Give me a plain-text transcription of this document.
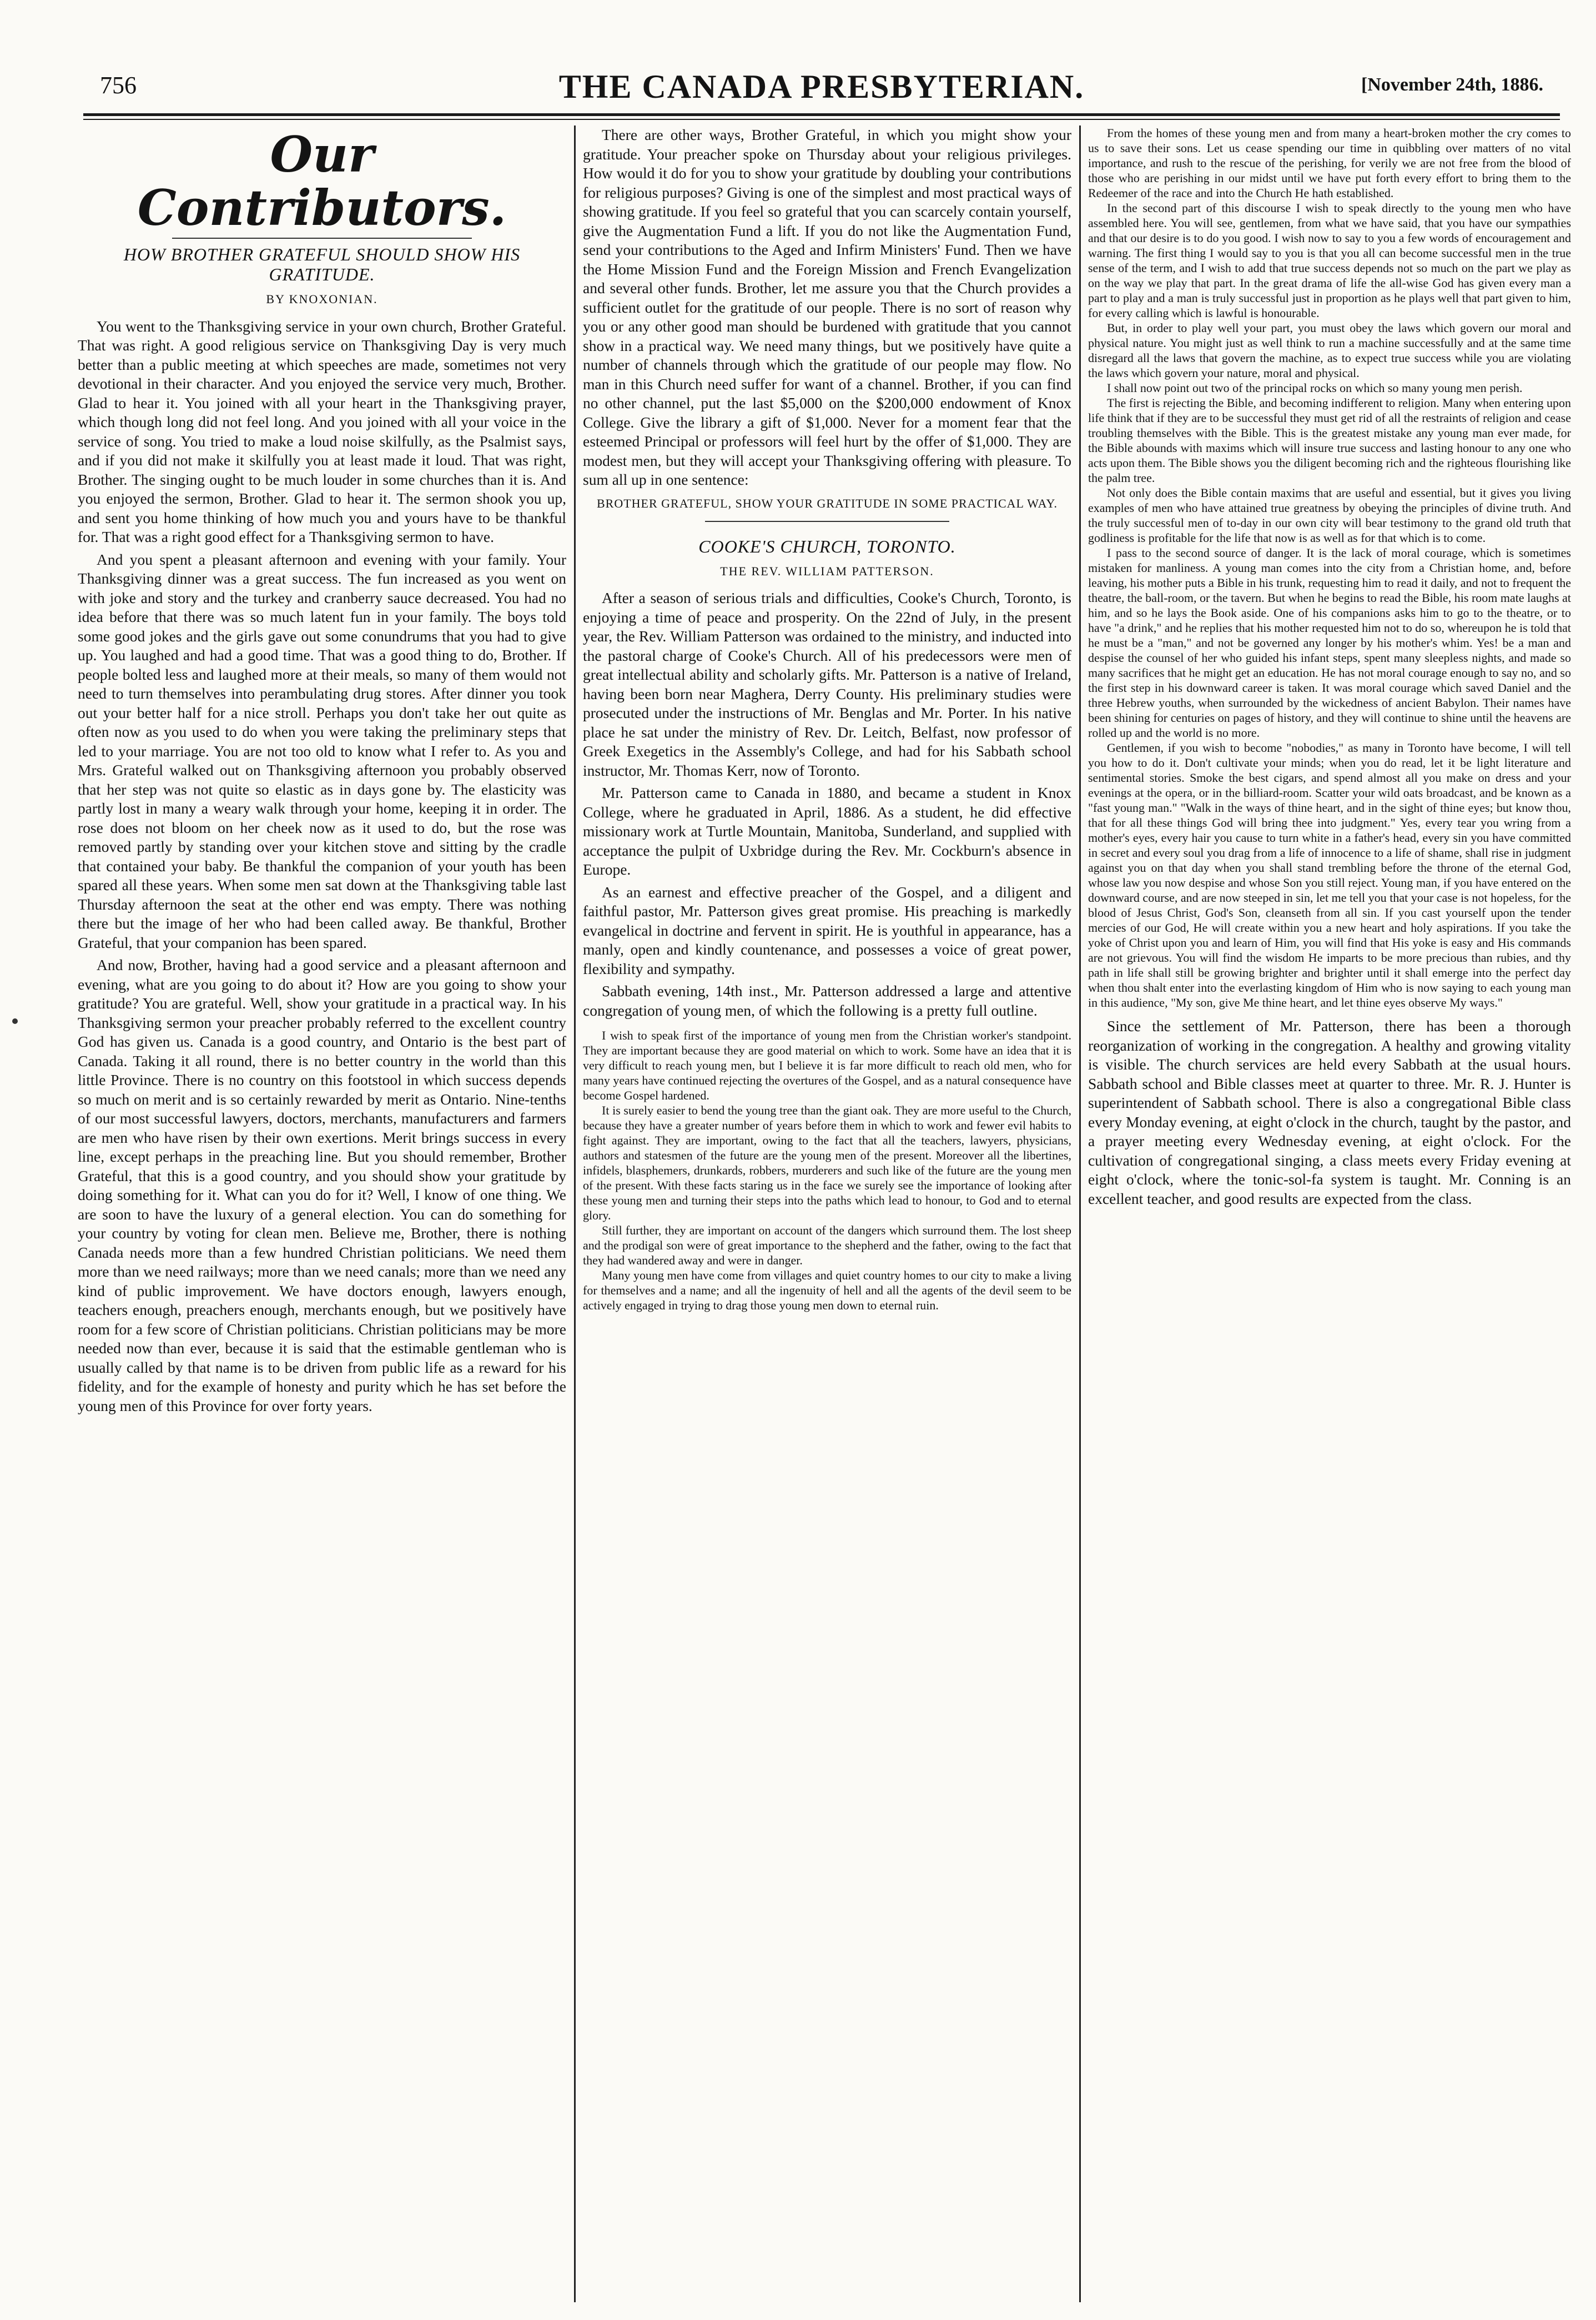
756	THE CANADA PRESBYTERIAN.	[November 24th, 1886.
Our Contributors.
HOW BROTHER GRATEFUL SHOULD SHOW HIS GRATITUDE.
BY KNOXONIAN.

You went to the Thanksgiving service in your own church, Brother Grateful. That was right. A good religious service on Thanksgiving Day is very much better than a public meeting at which speeches are made, sometimes not very devotional in their character. And you enjoyed the service very much, Brother. Glad to hear it. You joined with all your heart in the Thanksgiving prayer, which though long did not feel long. And you joined with all your voice in the service of song. You tried to make a loud noise skilfully, as the Psalmist says, and if you did not make it skilfully you at least made it loud. That was right, Brother. The singing ought to be much louder in some churches than it is. And you enjoyed the sermon, Brother. Glad to hear it. The sermon shook you up, and sent you home thinking of how much you and yours have to be thankful for. That was a right good effect for a Thanksgiving sermon to have.

And you spent a pleasant afternoon and evening with your family. Your Thanksgiving dinner was a great success. The fun increased as you went on with joke and story and the turkey and cranberry sauce decreased. You had no idea before that there was so much latent fun in your family. The boys told some good jokes and the girls gave out some conundrums that you had to give up. You laughed and had a good time. That was a good thing to do, Brother. If people bolted less and laughed more at their meals, so many of them would not need to turn themselves into perambulating drug stores. After dinner you took out your better half for a nice stroll. Perhaps you don't take her out quite as often now as you used to do when you were taking the preliminary steps that led to your marriage. You are not too old to know what I refer to. As you and Mrs. Grateful walked out on Thanksgiving afternoon you probably observed that her step was not quite so elastic as in days gone by. The elasticity was partly lost in many a weary walk through your home, keeping it in order. The rose does not bloom on her cheek now as it used to do, but the rose was removed partly by standing over your kitchen stove and sitting by the cradle that contained your baby. Be thankful the companion of your youth has been spared all these years. When some men sat down at the Thanksgiving table last Thursday afternoon the seat at the other end was empty. There was nothing there but the image of her who had been called away. Be thankful, Brother Grateful, that your companion has been spared.

And now, Brother, having had a good service and a pleasant afternoon and evening, what are you going to do about it? How are you going to show your gratitude? You are grateful. Well, show your gratitude in a practical way. In his Thanksgiving sermon your preacher probably referred to the excellent country God has given us. Canada is a good country, and Ontario is the best part of Canada. Taking it all round, there is no better country in the world than this little Province. There is no country on this footstool in which success depends so much on merit and is so certainly rewarded by merit as Ontario. Nine-tenths of our most successful lawyers, doctors, merchants, manufacturers and farmers are men who have risen by their own exertions. Merit brings success in every line, except perhaps in the preaching line. But you should remember, Brother Grateful, that this is a good country, and you should show your gratitude by doing something for it. What can you do for it? Well, I know of one thing. We are soon to have the luxury of a general election. You can do something for your country by voting for clean men. Believe me, Brother, there is nothing Canada needs more than a few hundred Christian politicians. We need them more than we need railways; more than we need canals; more than we need any kind of public improvement. We have doctors enough, lawyers enough, teachers enough, preachers enough, merchants enough, but we positively have room for a few score of Christian politicians. Christian politicians may be more needed now than ever, because it is said that the estimable gentleman who is usually called by that name is to be driven from public life as a reward for his fidelity, and for the example of honesty and purity which he has set before the young men of this Province for over forty years.

There are other ways, Brother Grateful, in which you might show your gratitude. Your preacher spoke on Thursday about your religious privileges. How would it do for you to show your gratitude by doubling your contributions for religious purposes? Giving is one of the simplest and most practical ways of showing gratitude. If you feel so grateful that you can scarcely contain yourself, give the Augmentation Fund a lift. If you do not like the Augmentation Fund, send your contributions to the Aged and Infirm Ministers' Fund. Then we have the Home Mission Fund and the Foreign Mission and French Evangelization and several other funds. Brother, let me assure you that the Church provides a sufficient outlet for the gratitude of our people. There is no sort of reason why you or any other good man should be burdened with gratitude that you cannot show in a practical way. We need many things, but we positively have quite a number of channels through which the gratitude of our people may flow. No man in this Church need suffer for want of a channel. Brother, if you can find no other channel, put the last $5,000 on the $200,000 endowment of Knox College. Give the library a gift of $1,000. Never for a moment fear that the esteemed Principal or professors will feel hurt by the offer of $1,000. They are modest men, but they will accept your Thanksgiving offering with pleasure. To sum all up in one sentence:

BROTHER GRATEFUL, SHOW YOUR GRATITUDE IN SOME PRACTICAL WAY.
COOKE'S CHURCH, TORONTO.
THE REV. WILLIAM PATTERSON.

After a season of serious trials and difficulties, Cooke's Church, Toronto, is enjoying a time of peace and prosperity. On the 22nd of July, in the present year, the Rev. William Patterson was ordained to the ministry, and inducted into the pastoral charge of Cooke's Church. All of his predecessors were men of great intellectual ability and scholarly gifts. Mr. Patterson is a native of Ireland, having been born near Maghera, Derry County. His preliminary studies were prosecuted under the instructions of Mr. Benglas and Mr. Porter. In his native place he sat under the ministry of Rev. Dr. Leitch, Belfast, now professor of Greek Exegetics in the Assembly's College, and had for his Sabbath school instructor, Mr. Thomas Kerr, now of Toronto.

Mr. Patterson came to Canada in 1880, and became a student in Knox College, where he graduated in April, 1886. As a student, he did effective missionary work at Turtle Mountain, Manitoba, Sunderland, and supplied with acceptance the pulpit of Uxbridge during the Rev. Mr. Cockburn's absence in Europe.

As an earnest and effective preacher of the Gospel, and a diligent and faithful pastor, Mr. Patterson gives great promise. His preaching is markedly evangelical in doctrine and fervent in spirit. He is youthful in appearance, has a manly, open and kindly countenance, and possesses a voice of great power, flexibility and sympathy.

Sabbath evening, 14th inst., Mr. Patterson addressed a large and attentive congregation of young men, of which the following is a pretty full outline.

I wish to speak first of the importance of young men from the Christian worker's standpoint. They are important because they are good material on which to work. Some have an idea that it is very difficult to reach young men, but I believe it is far more difficult to reach old men, who for many years have continued rejecting the overtures of the Gospel, and as a natural consequence have become Gospel hardened.

It is surely easier to bend the young tree than the giant oak. They are more useful to the Church, because they have a greater number of years before them in which to work and fewer evil habits to fight against. They are important, owing to the fact that all the teachers, lawyers, physicians, authors and statesmen of the future are the young men of the present. Moreover all the libertines, infidels, blasphemers, drunkards, robbers, murderers and such like of the future are the young men of the present. With these facts staring us in the face we surely see the importance of looking after these young men and turning their steps into the paths which lead to honour, to God and to eternal glory.

Still further, they are important on account of the dangers which surround them. The lost sheep and the prodigal son were of great importance to the shepherd and the father, owing to the fact that they had wandered away and were in danger.

Many young men have come from villages and quiet country homes to our city to make a living for themselves and a name; and all the ingenuity of hell and all the agents of the devil seem to be actively engaged in trying to drag those young men down to eternal ruin.

From the homes of these young men and from many a heart-broken mother the cry comes to us to save their sons. Let us cease spending our time in quibbling over matters of no vital importance, and rush to the rescue of the perishing, for verily we are not free from the blood of those who are perishing in our midst until we have put forth every effort to bring them to the Redeemer of the race and into the Church He hath established.

In the second part of this discourse I wish to speak directly to the young men who have assembled here. You will see, gentlemen, from what we have said, that you have our sympathies and that our desire is to do you good. I wish now to say to you a few words of encouragement and warning. The first thing I would say to you is that you all can become successful men in the true sense of the term, and I wish to add that true success depends not so much on the part we play as on the way we play that part. In the great drama of life the all-wise God has given every man a part to play and a man is truly successful just in proportion as he plays well that part given to him, for every calling which is lawful is honourable.

But, in order to play well your part, you must obey the laws which govern our moral and physical nature. You might just as well think to run a machine successfully and at the same time disregard all the laws that govern the machine, as to expect true success while you are violating the laws which govern your nature, moral and physical.

I shall now point out two of the principal rocks on which so many young men perish.

The first is rejecting the Bible, and becoming indifferent to religion. Many when entering upon life think that if they are to be successful they must get rid of all the restraints of religion and cease troubling themselves with the Bible. This is the greatest mistake any young man ever made, for the Bible abounds with maxims which will insure true success and lasting honour to any one who acts upon them. The Bible shows you the diligent becoming rich and the righteous flourishing like the palm tree.

Not only does the Bible contain maxims that are useful and essential, but it gives you living examples of men who have attained true greatness by obeying the principles of divine truth. And the truly successful men of to-day in our own city will bear testimony to the grand old truth that godliness is profitable for the life that now is as well as for that which is to come.

I pass to the second source of danger. It is the lack of moral courage, which is sometimes mistaken for manliness. A young man comes into the city from a Christian home, and, before leaving, his mother puts a Bible in his trunk, requesting him to read it daily, and not to frequent the theatre, the ball-room, or the tavern. But when he begins to read the Bible, his room mate laughs at him, and so he lays the Book aside. One of his companions asks him to go to the theatre, or to have "a drink," and he replies that his mother requested him not to do so, whereupon he is told that he must be a "man," and not be governed any longer by his mother's whim. Yes! be a man and despise the counsel of her who guided his infant steps, spent many sleepless nights, and made so many sacrifices that he might get an education. He has not moral courage enough to say no, and so the first step in his downward career is taken. It was moral courage which saved Daniel and the three Hebrew youths, when surrounded by the wickedness of ancient Babylon. Their names have been shining for centuries on pages of history, and they will continue to shine until the heavens are rolled up and the world is no more.

Gentlemen, if you wish to become "nobodies," as many in Toronto have become, I will tell you how to do it. Don't cultivate your minds; when you do read, let it be light literature and sentimental stories. Smoke the best cigars, and spend almost all you make on dress and your evenings at the opera, or in the billiard-room. Scatter your wild oats broadcast, and be known as a "fast young man." "Walk in the ways of thine heart, and in the sight of thine eyes; but know thou, that for all these things God will bring thee into judgment." Yes, every tear you wring from a mother's eyes, every hair you cause to turn white in a father's head, every sin you have committed in secret and every soul you drag from a life of innocence to a life of shame, shall rise in judgment against you on that day when you shall stand trembling before the throne of the eternal God, whose law you now despise and whose Son you still reject. Young man, if you have entered on the downward course, and are now steeped in sin, let me tell you that your case is not hopeless, for the blood of Jesus Christ, God's Son, cleanseth from all sin. If you cast yourself upon the tender mercies of our God, He will create within you a new heart and holy aspirations. If you take the yoke of Christ upon you and learn of Him, you will find that His yoke is easy and His commands are not grievous. You will find the wisdom He imparts to be more precious than rubies, and thy path in life shall still be growing brighter and brighter until it shall emerge into the perfect day when thou shalt enter into the everlasting kingdom of Him who is now saying to each young man in this audience, "My son, give Me thine heart, and let thine eyes observe My ways."

Since the settlement of Mr. Patterson, there has been a thorough reorganization of working in the congregation. A healthy and growing vitality is visible. The church services are held every Sabbath at the usual hours. Sabbath school and Bible classes meet at quarter to three. Mr. R. J. Hunter is superintendent of Sabbath school. There is also a congregational Bible class every Monday evening, at eight o'clock in the church, taught by the pastor, and a prayer meeting every Wednesday evening, at eight o'clock. For the cultivation of congregational singing, a class meets every Friday evening at eight o'clock, where the tonic-sol-fa system is taught. Mr. Conning is an excellent teacher, and good results are expected from the class.
